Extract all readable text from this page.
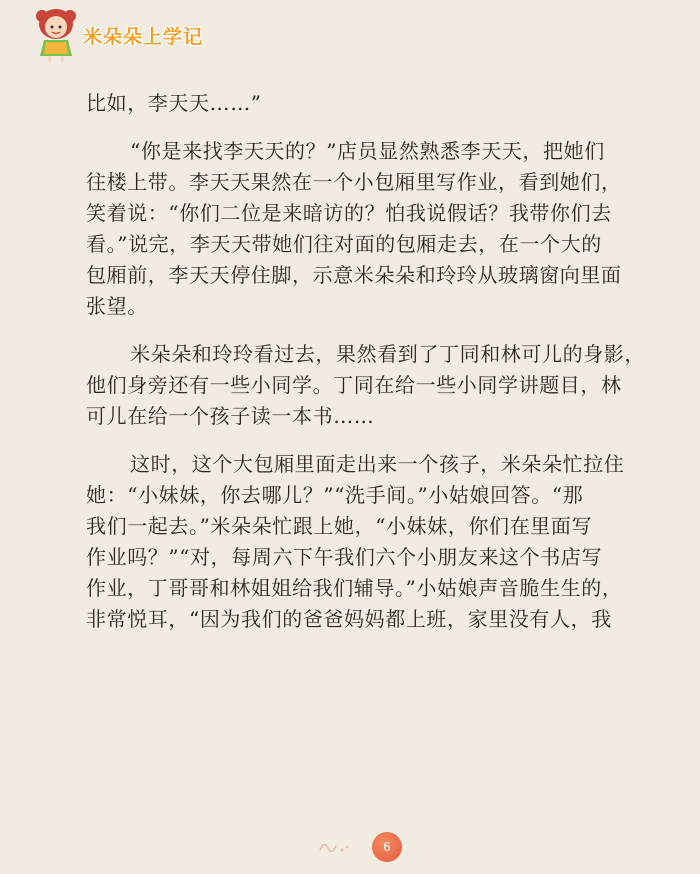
米朵朵上学记
比如，李天天……”
“你是来找李天天的？”店员显然熟悉李天天，把她们
往楼上带。李天天果然在一个小包厢里写作业，看到她们，
笑着说：“你们二位是来暗访的？怕我说假话？我带你们去
看。”说完，李天天带她们往对面的包厢走去，在一个大的
包厢前，李天天停住脚，示意米朵朵和玲玲从玻璃窗向里面
张望。
米朵朵和玲玲看过去，果然看到了丁同和林可儿的身影，
他们身旁还有一些小同学。丁同在给一些小同学讲题目，林
可儿在给一个孩子读一本书……
这时，这个大包厢里面走出来一个孩子，米朵朵忙拉住
她：“小妹妹，你去哪儿？”“洗手间。”小姑娘回答。“那
我们一起去。”米朵朵忙跟上她，“小妹妹，你们在里面写
作业吗？”“对，每周六下午我们六个小朋友来这个书店写
作业，丁哥哥和林姐姐给我们辅导。”小姑娘声音脆生生的，
非常悦耳，“因为我们的爸爸妈妈都上班，家里没有人，我
6
